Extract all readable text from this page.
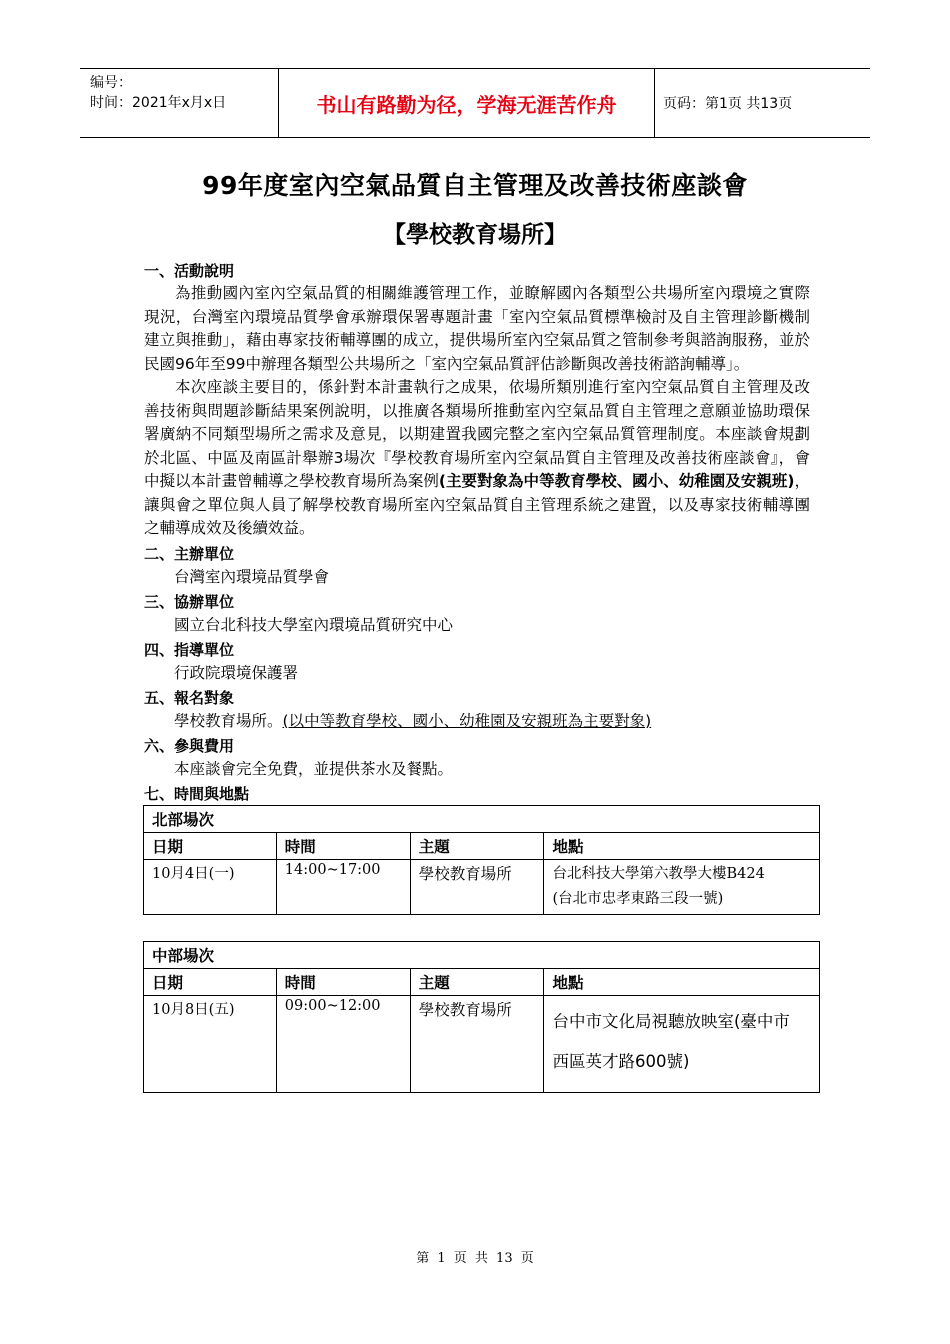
编号：
时间：2021年x月x日	书山有路勤为径，学海无涯苦作舟	页码：第1页 共13页
99年度室內空氣品質自主管理及改善技術座談會
【學校教育場所】
一、活動說明
為推動國內室內空氣品質的相關維護管理工作，並瞭解國內各類型公共場所室內環境之實際現況，台灣室內環境品質學會承辦環保署專題計畫「室內空氣品質標準檢討及自主管理診斷機制建立與推動」，藉由專家技術輔導團的成立，提供場所室內空氣品質之管制參考與諮詢服務，並於民國96年至99中辦理各類型公共場所之「室內空氣品質評估診斷與改善技術諮詢輔導」。
本次座談主要目的，係針對本計畫執行之成果，依場所類別進行室內空氣品質自主管理及改善技術與問題診斷結果案例說明，以推廣各類場所推動室內空氣品質自主管理之意願並協助環保署廣納不同類型場所之需求及意見，以期建置我國完整之室內空氣品質管理制度。本座談會規劃於北區、中區及南區計舉辦3場次『學校教育場所室內空氣品質自主管理及改善技術座談會』，會中擬以本計畫曾輔導之學校教育場所為案例(主要對象為中等教育學校、國小、幼稚園及安親班)，讓與會之單位與人員了解學校教育場所室內空氣品質自主管理系統之建置，以及專家技術輔導團之輔導成效及後續效益。
二、主辦單位
台灣室內環境品質學會
三、協辦單位
國立台北科技大學室內環境品質研究中心
四、指導單位
行政院環境保護署
五、報名對象
學校教育場所。(以中等教育學校、國小、幼稚園及安親班為主要對象)
六、參與費用
本座談會完全免費，並提供茶水及餐點。
七、時間與地點
北部場次			
日期	時間	主題	地點
10月4日(一)	14:00~17:00	學校教育場所	台北科技大學第六教學大樓B424
(台北市忠孝東路三段一號)
中部場次			
日期	時間	主題	地點
10月8日(五)	09:00~12:00	學校教育場所	台中市文化局視聽放映室(臺中市
西區英才路600號)
第 1 页 共 13 页
